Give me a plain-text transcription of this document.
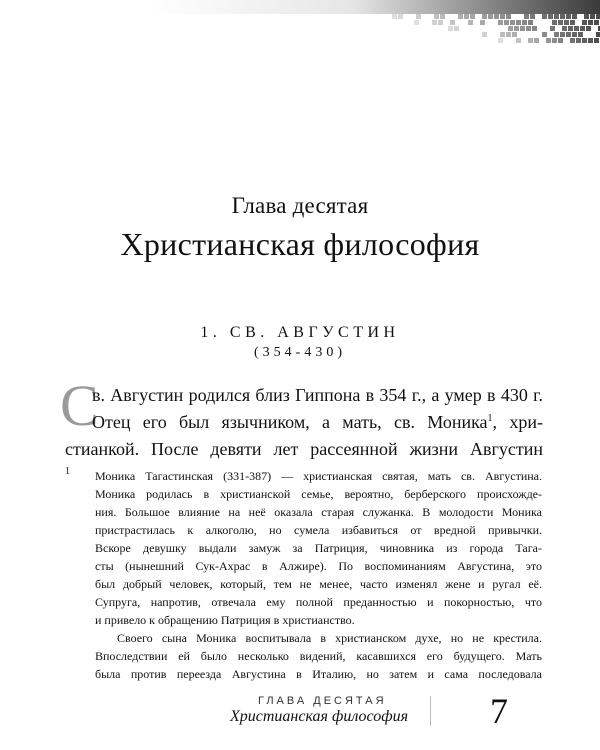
Глава десятая
Христианская философия
1. СВ. АВГУСТИН
(354-430)
С
в. Августин родился близ Гиппона в 354 г., а умер в 430 г.
Отец его был язычником, а мать, св. Моника$^1$, хри-
стианкой. После девяти лет рассеянной жизни Августин
1 Моника Тагастинская (331-387) — христианская святая, мать св. Августина.
Моника родилась в христианской семье, вероятно, берберского происхожде-
ния. Большое влияние на неё оказала старая служанка. В молодости Моника
пристрастилась к алкоголю, но сумела избавиться от вредной привычки.
Вскоре девушку выдали замуж за Патриция, чиновника из города Тага-
сты (нынешний Сук-Ахрас в Алжире). По воспоминаниям Августина, это
был добрый человек, который, тем не менее, часто изменял жене и ругал её.
Супруга, напротив, отвечала ему полной преданностью и покорностью, что
и привело к обращению Патриция в христианство.
Своего сына Моника воспитывала в христианском духе, но не крестила.
Впоследствии ей было несколько видений, касавшихся его будущего. Мать
была против переезда Августина в Италию, но затем и сама последовала
ГЛАВА ДЕСЯТАЯ
Христианская философия 7
